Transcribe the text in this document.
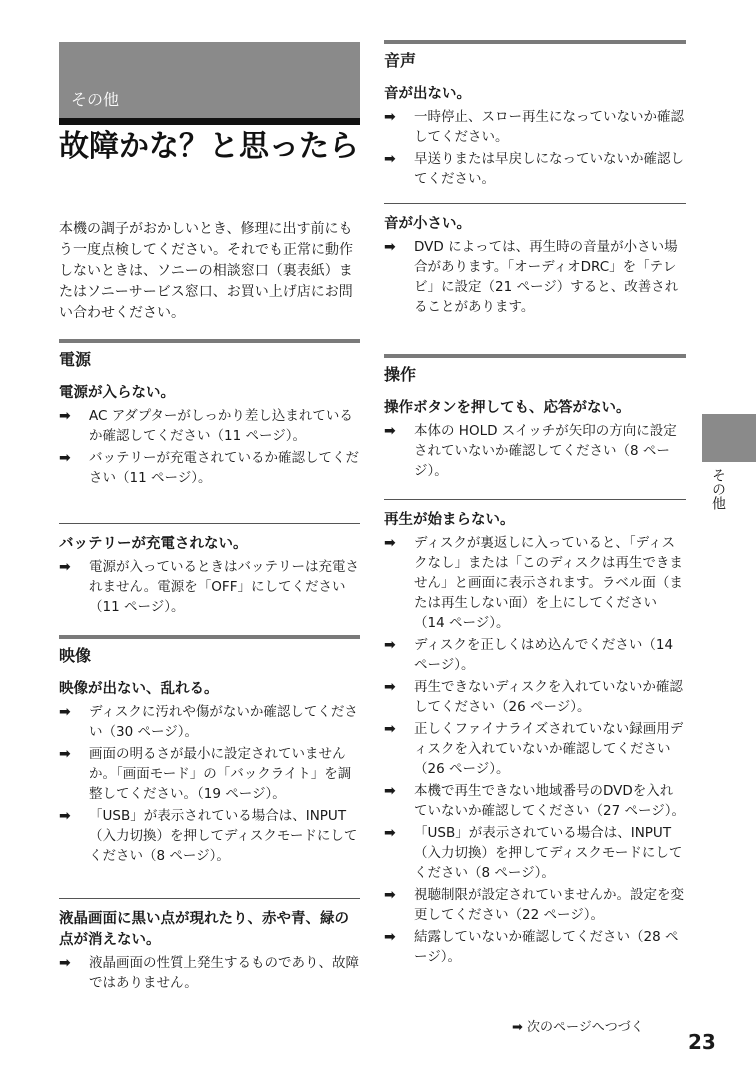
その他
故障かな？と思ったら

本機の調子がおかしいとき、修理に出す前にもう一度点検してください。それでも正常に動作しないときは、ソニーの相談窓口（裏表紙）またはソニーサービス窓口、お買い上げ店にお問い合わせください。

電源
電源が入らない。

➡ AC アダプターがしっかり差し込まれているか確認してください（11 ページ）。

➡ バッテリーが充電されているか確認してください（11 ページ）。

バッテリーが充電されない。

➡ 電源が入っているときはバッテリーは充電されません。電源を「OFF」にしてください（11 ページ）。

映像
映像が出ない、乱れる。

➡ ディスクに汚れや傷がないか確認してください（30 ページ）。

➡ 画面の明るさが最小に設定されていませんか。「画面モード」の「バックライト」を調整してください。（19 ページ）。

➡ 「USB」が表示されている場合は、INPUT（入力切換）を押してディスクモードにしてください（8 ページ）。

液晶画面に黒い点が現れたり、赤や青、緑の点が消えない。

➡ 液晶画面の性質上発生するものであり、故障ではありません。

音声
音が出ない。

➡ 一時停止、スロー再生になっていないか確認してください。

➡ 早送りまたは早戻しになっていないか確認してください。

音が小さい。

➡ DVD によっては、再生時の音量が小さい場合があります。「オーディオDRC」を「テレビ」に設定（21 ページ）すると、改善されることがあります。

操作
操作ボタンを押しても、応答がない。

➡ 本体の HOLD スイッチが矢印の方向に設定されていないか確認してください（8 ページ）。

再生が始まらない。

➡ ディスクが裏返しに入っていると、「ディスクなし」または「このディスクは再生できません」と画面に表示されます。ラベル面（または再生しない面）を上にしてください（14 ページ）。

➡ ディスクを正しくはめ込んでください（14 ページ）。

➡ 再生できないディスクを入れていないか確認してください（26 ページ）。

➡ 正しくファイナライズされていない録画用ディスクを入れていないか確認してください（26 ページ）。

➡ 本機で再生できない地域番号のDVDを入れていないか確認してください（27 ページ）。

➡ 「USB」が表示されている場合は、INPUT（入力切換）を押してディスクモードにしてください（8 ページ）。

➡ 視聴制限が設定されていませんか。設定を変更してください（22 ページ）。

➡ 結露していないか確認してください（28 ページ）。

その他
➡ 次のページへつづく
23
